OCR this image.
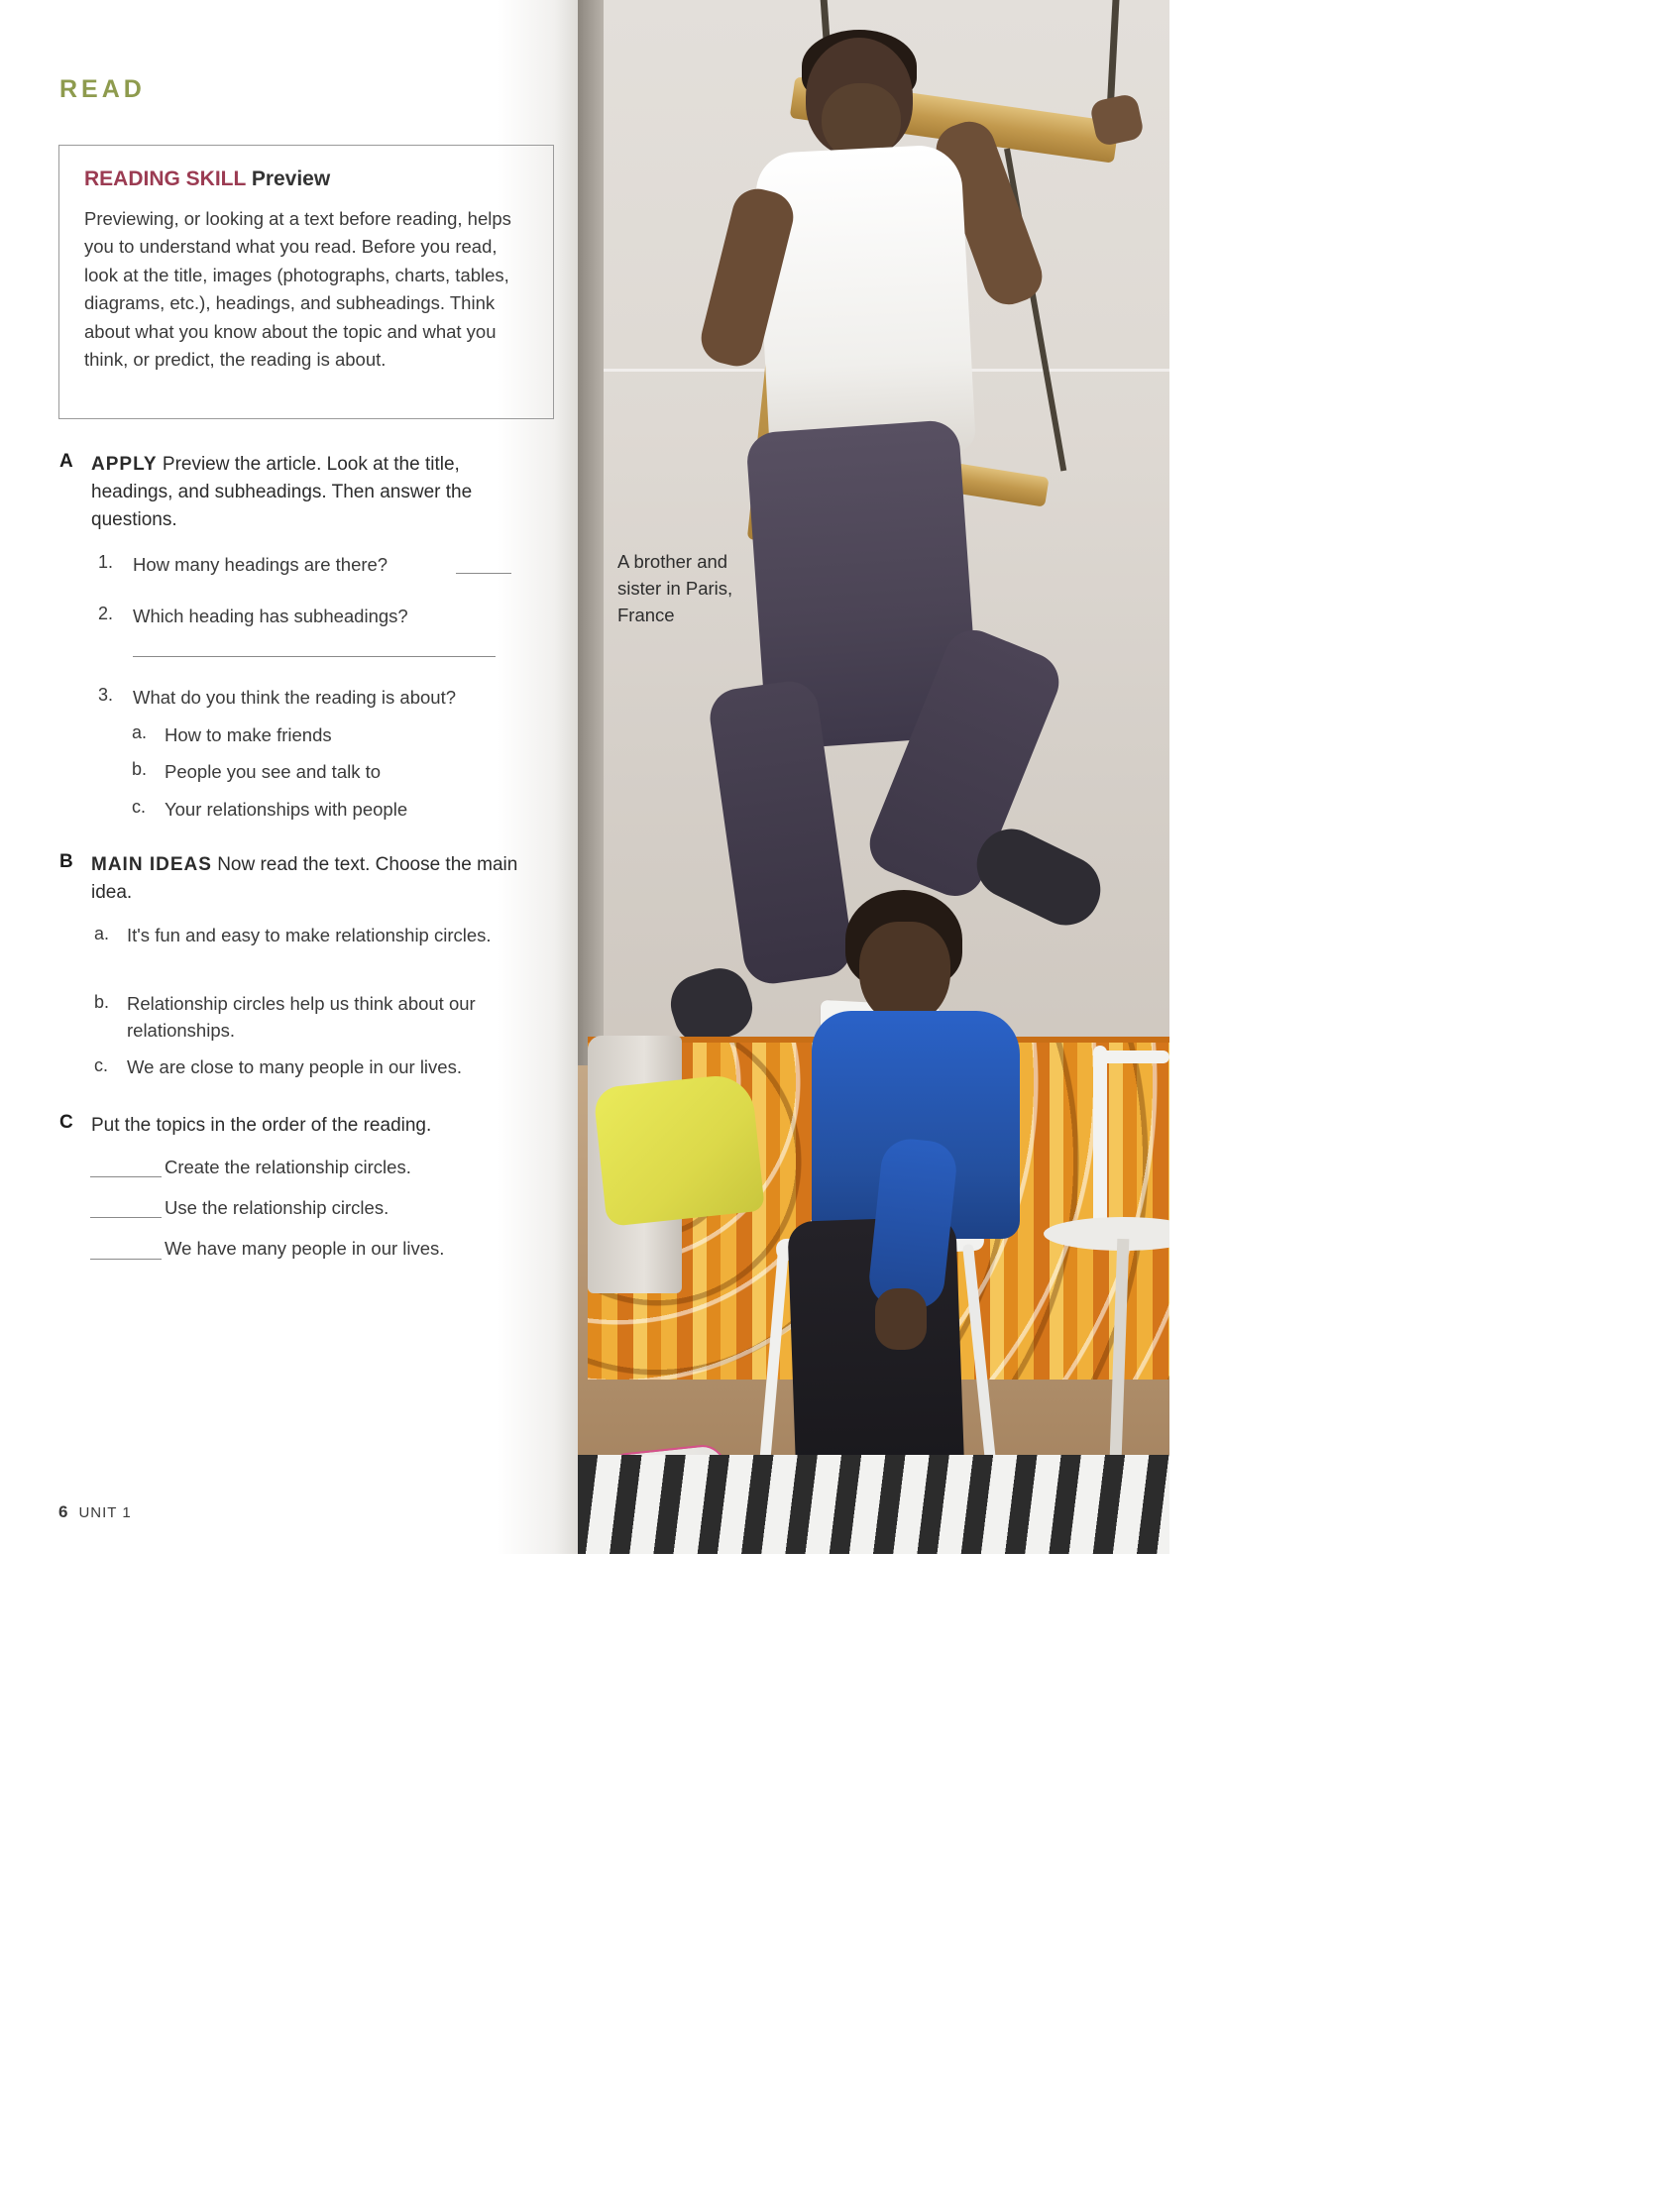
READ
READING SKILL Preview
Previewing, or looking at a text before reading, helps you to understand what you read. Before you read, look at the title, images (photographs, charts, tables, diagrams, etc.), headings, and subheadings. Think about what you know about the topic and what you think, or predict, the reading is about.
A APPLY Preview the article. Look at the title, headings, and subheadings. Then answer the questions.
1. How many headings are there?
2. Which heading has subheadings?
3. What do you think the reading is about?
a. How to make friends
b. People you see and talk to
c. Your relationships with people
B MAIN IDEAS Now read the text. Choose the main idea.
a. It's fun and easy to make relationship circles.
b. Relationship circles help us think about our relationships.
c. We are close to many people in our lives.
C Put the topics in the order of the reading.
Create the relationship circles.
Use the relationship circles.
We have many people in our lives.
6 UNIT 1
A brother and sister in Paris, France
